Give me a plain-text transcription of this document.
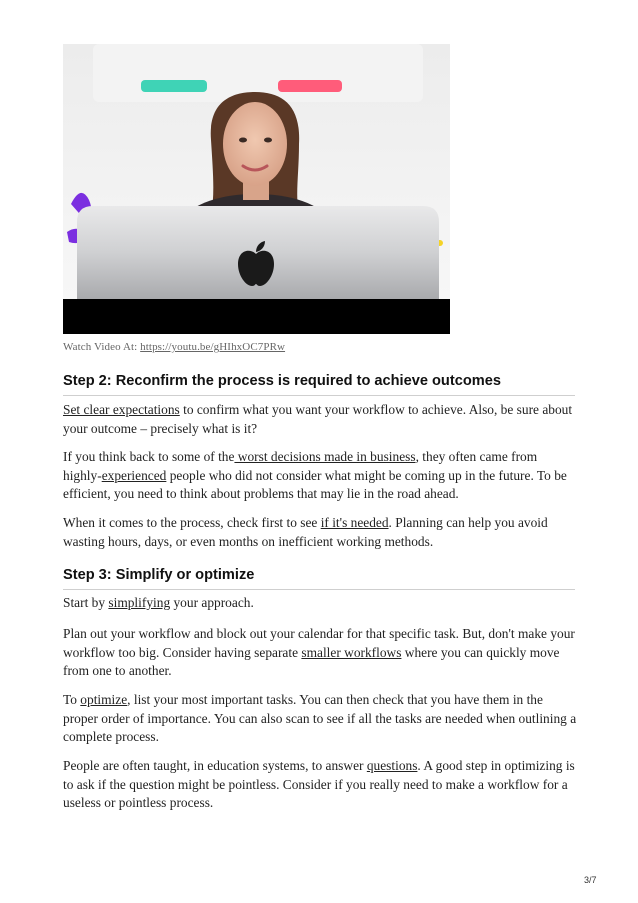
Watch Video At: https://youtu.be/gHIhxOC7PRw
Step 2: Reconfirm the process is required to achieve outcomes

Set clear expectations to confirm what you want your workflow to achieve. Also, be sure about your outcome – precisely what is it?

If you think back to some of the worst decisions made in business, they often came from highly-experienced people who did not consider what might be coming up in the future. To be efficient, you need to think about problems that may lie in the road ahead.

When it comes to the process, check first to see if it's needed. Planning can help you avoid wasting hours, days, or even months on inefficient working methods.

Step 3: Simplify or optimize

Start by simplifying your approach.

Plan out your workflow and block out your calendar for that specific task. But, don't make your workflow too big. Consider having separate smaller workflows where you can quickly move from one to another.

To optimize, list your most important tasks. You can then check that you have them in the proper order of importance. You can also scan to see if all the tasks are needed when outlining a complete process.

People are often taught, in education systems, to answer questions. A good step in optimizing is to ask if the question might be pointless. Consider if you really need to make a workflow for a useless or pointless process.

3/7
